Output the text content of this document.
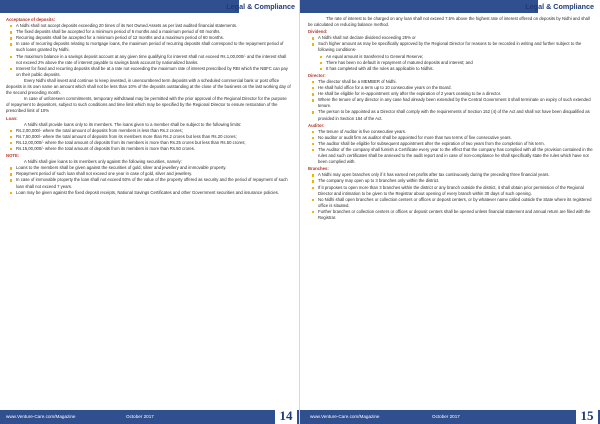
Legal & Compliance
Acceptance of deposits:
A Nidhi shall not accept deposits exceeding 20 times of its Net Owned Assets as per last audited financial statements.
The fixed deposits shall be accepted for a minimum period of 6 months and a maximum period of 60 months.
Recurring deposits shall be accepted for a minimum period of 12 months and a maximum period of 60 months.
In case of recurring deposits relating to mortgage loans, the maximum period of recurring deposits shall correspond to the repayment period of such loans granted by Nidhi.
The maximum balance in a savings deposit account at any given time qualifying for interest shall not exceed Rs.1,00,000/- and the interest shall not exceed 2% above the rate of interest payable to savings bank account by nationalized banks.
Interest for fixed and recurring deposits shall be at a rate not exceeding the maximum rate of interest prescribed by RBI which the NBFC can pay on their public deposits.

Every Nidhi shall invest and continue to keep invested, in unencumbered term deposits with a scheduled commercial bank or post office deposits in its own name an amount which shall not be less than 10% of the deposits outstanding at the close of the business on the last working day of the second preceding month.

In case of unforeseen commitments, temporary withdrawal may be permitted with the prior approval of the Regional Director for the purpose of repayment to depositors, subject to such conditions and time limit which may be specified by the Regional Director to ensure restoration of the prescribed limit of 10%

Loan:

A Nidhi shall provide loans only to its members. The loans given to a member shall be subject to the following limits:

Rs.2,00,000/- where the total amount of deposits from members is less than Rs.2 crores;
Rs.7,50,000/- where the total amount of deposits from its members more than Rs.2 crores but less than Rs.20 crores;
Rs.12,00,000/- where the total amount of deposits from its members is more than Rs.25 crores but less than Rs.50 crores;
Rs.15,00,000/- where the total amount of deposits from its members is more than Rs.50 crores.
NOTE:

A Nidhi shall give loans to its members only against the following securities, namely:

Loans to the members shall be given against the securities of gold, silver and jewellery and immovable property.
Repayment period of such loan shall not exceed one year in case of gold, silver and jewellery.
In case of immovable property the loan shall not exceed 50% of the value of the property offered as security and the period of repayment of such loan shall not exceed 7 years.
Loan may be given against the fixed deposit receipts, National Savings Certificates and other Government securities and insurance policies.
www.Venture-Care.com/Magazine	October 2017	14
Legal & Compliance

The rate of interest to be charged on any loan shall not exceed 7.5% above the highest rate of interest offered on deposits by Nidhi and shall be calculated on reducing balance method.

Dividend:
A Nidhi shall not declare dividend exceeding 25% or
Such higher amount as may be specifically approved by the Regional Director for reasons to be recorded in writing and further subject to the following conditions-
An equal amount is transferred to General Reserve;
There has been no default in repayment of matured deposits and interest; and
It has completed with all the rules as applicable to Nidhis.
Director:
The director shall be a MEMBER of Nidhi.
He shall hold office for a term up to 10 consecutive years on the Board.
He shall be eligible for re-appointment only after the expiration of 2 years ceasing to be a director.
Where the tenure of any director in any case had already been extended by the Central Government it shall terminate on expiry of such extended tenure.
The person to be appointed as a Director shall comply with the requirements of Section 152 (4) of the Act and shall not have been disqualified as provided in Section 164 of the Act.
Auditor:
The tenure of Auditor is five consecutive years.
No auditor or audit firm as auditor shall be appointed for more than two terms of five consecutive years.
The auditor shall be eligible for subsequent appointment after the expiration of two years from the completion of his term.
The Auditor of the company shall furnish a Certificate every year to the effect that the company has complied with all the provision contained in the rules and such certificates shall be annexed to the audit report and in case of non-compliance he shall specifically state the rules which have not been complied with.
Branches:
A Nidhi may open branches only if it has earned net profits after tax continuously during the preceding three financial years.
The company may open up to 3 branches only within the district.
If it proposes to open more than 3 branches within the district or any branch outside the district, it shall obtain prior permission of the Regional Director and intimation to be given to the Registrar about opening of every branch within 30 days of such opening.
No Nidhi shall open branches or collection centers or offices or deposit centers, or by whatever name called outside the State where its registered office is situated.
Further branches or collection centers or offices or deposit centers shall be opened unless financial statement and annual return are filed with the Registrar.
www.Venture-Care.com/Magazine	October 2017	15
